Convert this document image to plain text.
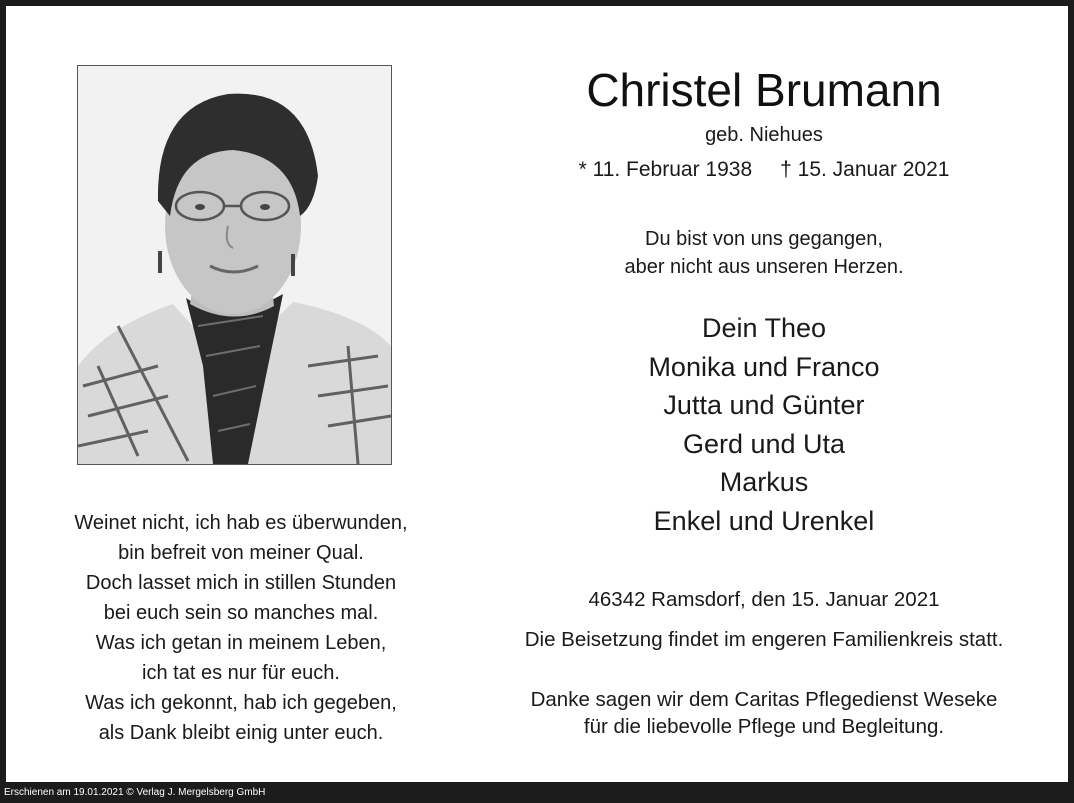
Weinet nicht, ich hab es überwunden,
bin befreit von meiner Qual.
Doch lasset mich in stillen Stunden
bei euch sein so manches mal.
Was ich getan in meinem Leben,
ich tat es nur für euch.
Was ich gekonnt, hab ich gegeben,
als Dank bleibt einig unter euch.
Christel Brumann
geb. Niehues
* 11. Februar 1938 † 15. Januar 2021
Du bist von uns gegangen,
aber nicht aus unseren Herzen.
Dein Theo
Monika und Franco
Jutta und Günter
Gerd und Uta
Markus
Enkel und Urenkel
46342 Ramsdorf, den 15. Januar 2021
Die Beisetzung findet im engeren Familienkreis statt.
Danke sagen wir dem Caritas Pflegedienst Weseke
für die liebevolle Pflege und Begleitung.
Erschienen am 19.01.2021 © Verlag J. Mergelsberg GmbH
